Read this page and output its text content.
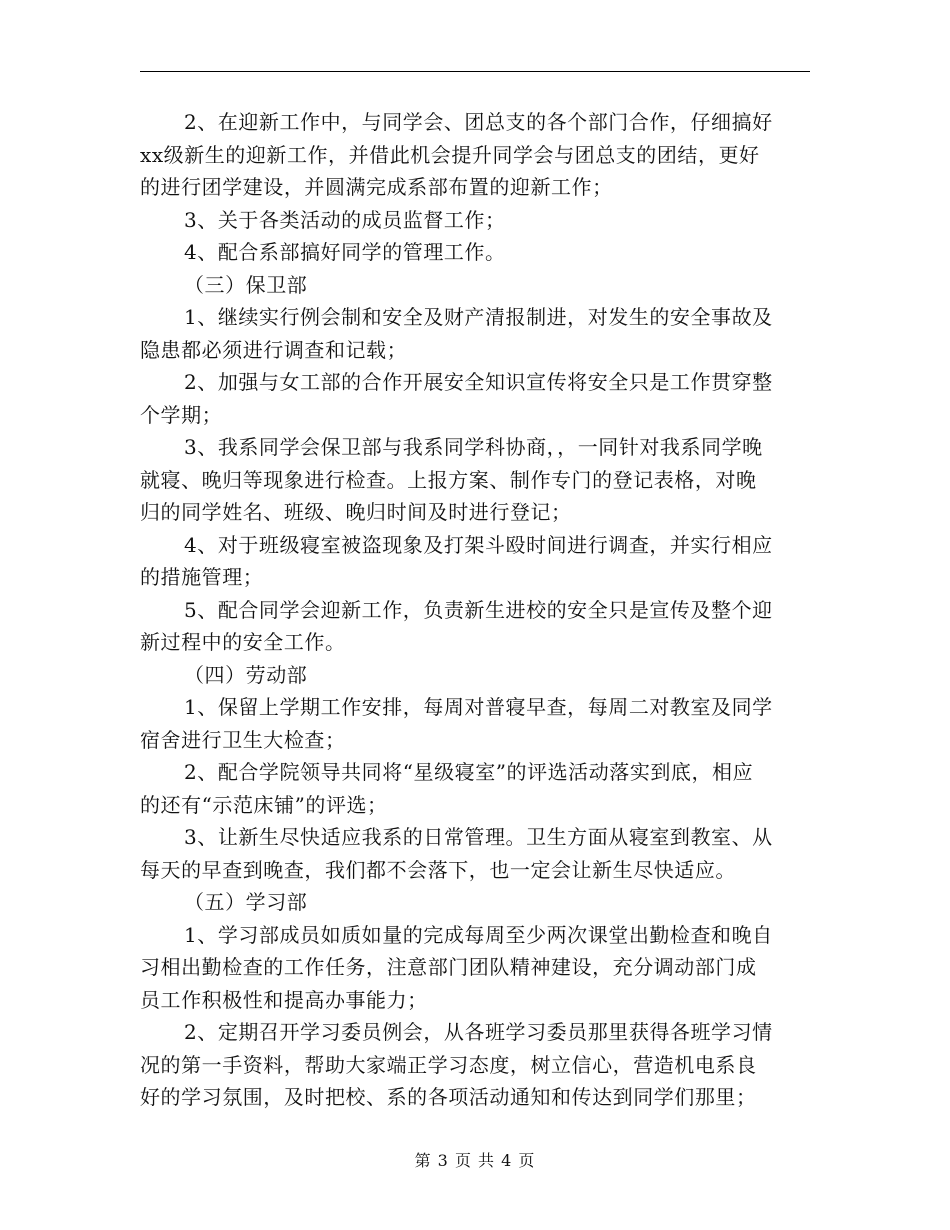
2、在迎新工作中，与同学会、团总支的各个部门合作，仔细搞好
xx级新生的迎新工作，并借此机会提升同学会与团总支的团结，更好
的进行团学建设，并圆满完成系部布置的迎新工作；
3、关于各类活动的成员监督工作；
4、配合系部搞好同学的管理工作。
（三）保卫部
1、继续实行例会制和安全及财产清报制进，对发生的安全事故及
隐患都必须进行调查和记载；
2、加强与女工部的合作开展安全知识宣传将安全只是工作贯穿整
个学期；
3、我系同学会保卫部与我系同学科协商，，一同针对我系同学晚
就寝、晚归等现象进行检查。上报方案、制作专门的登记表格，对晚
归的同学姓名、班级、晚归时间及时进行登记；
4、对于班级寝室被盗现象及打架斗殴时间进行调查，并实行相应
的措施管理；
5、配合同学会迎新工作，负责新生进校的安全只是宣传及整个迎
新过程中的安全工作。
（四）劳动部
1、保留上学期工作安排，每周对普寝早查，每周二对教室及同学
宿舍进行卫生大检查；
2、配合学院领导共同将“星级寝室”的评选活动落实到底，相应
的还有“示范床铺”的评选；
3、让新生尽快适应我系的日常管理。卫生方面从寝室到教室、从
每天的早查到晚查，我们都不会落下，也一定会让新生尽快适应。
（五）学习部
1、学习部成员如质如量的完成每周至少两次课堂出勤检查和晚自
习相出勤检查的工作任务，注意部门团队精神建设，充分调动部门成
员工作积极性和提高办事能力；
2、定期召开学习委员例会，从各班学习委员那里获得各班学习情
况的第一手资料，帮助大家端正学习态度，树立信心，营造机电系良
好的学习氛围，及时把校、系的各项活动通知和传达到同学们那里；
第 3 页 共 4 页
